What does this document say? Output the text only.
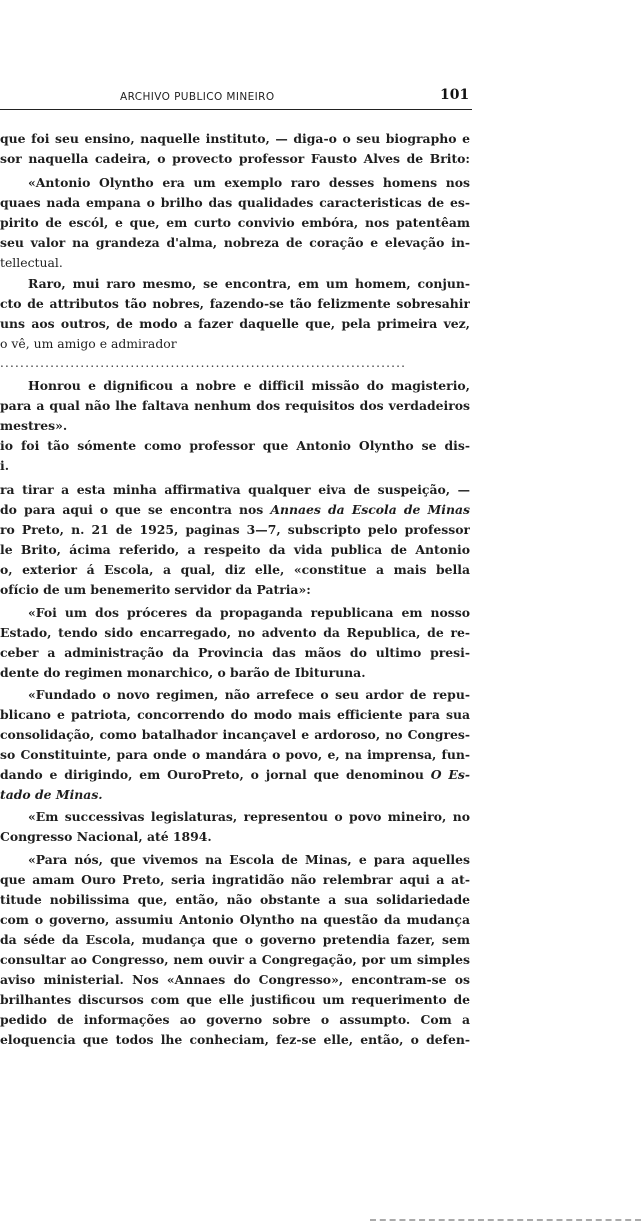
ARCHIVO PUBLICO MINEIRO	101
que foi seu ensino, naquelle instituto, — diga-o o seu biographo e
sor naquella cadeira, o provecto professor Fausto Alves de Brito:
«Antonio Olyntho era um exemplo raro desses homens nos
quaes nada empana o brilho das qualidades caracteristicas de es-
pirito de escól, e que, em curto convivio embóra, nos patentêam
seu valor na grandeza d'alma, nobreza de coração e elevação in-
tellectual.
Raro, mui raro mesmo, se encontra, em um homem, conjun-
cto de attributos tão nobres, fazendo-se tão felizmente sobresahir
uns aos outros, de modo a fazer daquelle que, pela primeira vez,
o vê, um amigo e admirador
.................................................................................
Honrou e dignificou a nobre e difficil missão do magisterio,
para a qual não lhe faltava nenhum dos requisitos dos verdadeiros
mestres».
io foi tão sómente como professor que Antonio Olyntho se dis-
i.
ra tirar a esta minha affirmativa qualquer eiva de suspeição, —
do para aqui o que se encontra nos Annaes da Escola de Minas
ro Preto, n. 21 de 1925, paginas 3—7, subscripto pelo professor
le Brito, ácima referido, a respeito da vida publica de Antonio
o, exterior á Escola, a qual, diz elle, «constitue a mais bella
ofício de um benemerito servidor da Patria»:
«Foi um dos próceres da propaganda republicana em nosso
Estado, tendo sido encarregado, no advento da Republica, de re-
ceber a administração da Provincia das mãos do ultimo presi-
dente do regimen monarchico, o barão de Ibituruna.
«Fundado o novo regimen, não arrefece o seu ardor de repu-
blicano e patriota, concorrendo do modo mais efficiente para sua
consolidação, como batalhador incançavel e ardoroso, no Congres-
so Constituinte, para onde o mandára o povo, e, na imprensa, fun-
dando e dirigindo, em OuroPreto, o jornal que denominou O Es-
tado de Minas.
«Em successivas legislaturas, representou o povo mineiro, no
Congresso Nacional, até 1894.
«Para nós, que vivemos na Escola de Minas, e para aquelles
que amam Ouro Preto, seria ingratidão não relembrar aqui a at-
titude nobilissima que, então, não obstante a sua solidariedade
com o governo, assumiu Antonio Olyntho na questão da mudança
da séde da Escola, mudança que o governo pretendia fazer, sem
consultar ao Congresso, nem ouvir a Congregação, por um simples
aviso ministerial. Nos «Annaes do Congresso», encontram-se os
brilhantes discursos com que elle justificou um requerimento de
pedido de informações ao governo sobre o assumpto. Com a
eloquencia que todos lhe conheciam, fez-se elle, então, o defen-
